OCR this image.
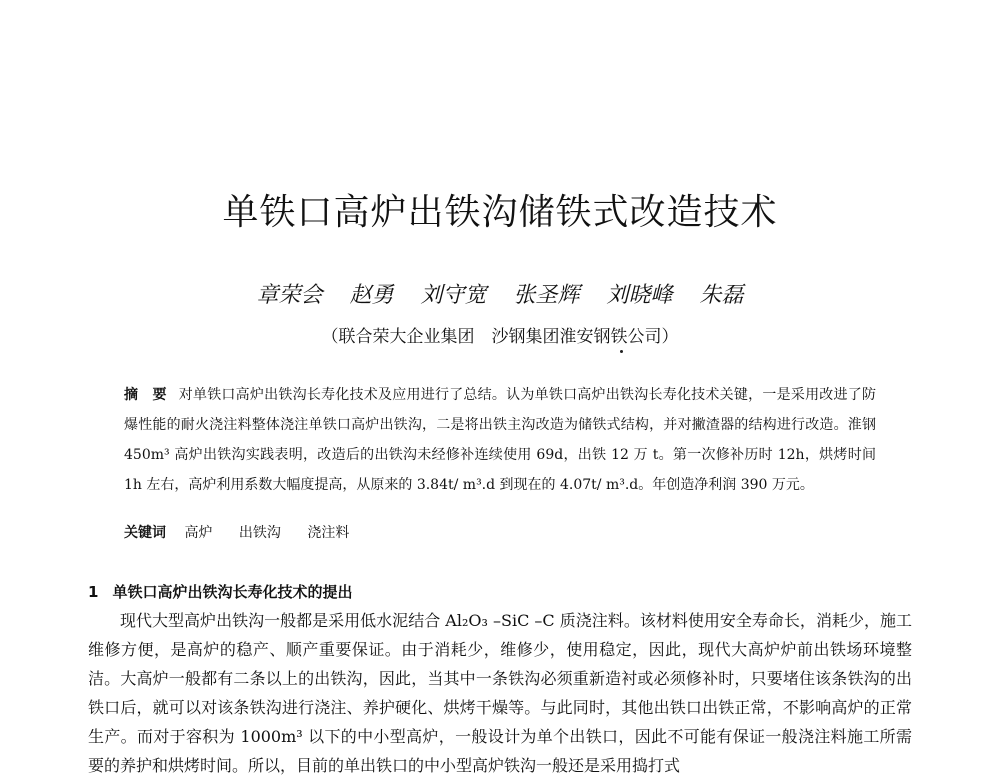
单铁口高炉出铁沟储铁式改造技术

章荣会 赵勇 刘守宽 张圣辉 刘晓峰 朱磊

（联合荣大企业集团　沙钢集团淮安钢铁公司）

摘　要 对单铁口高炉出铁沟长寿化技术及应用进行了总结。认为单铁口高炉出铁沟长寿化技术关键，一是采用改进了防爆性能的耐火浇注料整体浇注单铁口高炉出铁沟，二是将出铁主沟改造为储铁式结构，并对撇渣器的结构进行改造。淮钢 450m³ 高炉出铁沟实践表明，改造后的出铁沟未经修补连续使用 69d，出铁 12 万 t。第一次修补历时 12h，烘烤时间 1h 左右，高炉利用系数大幅度提高，从原来的 3.84t/ m³.d 到现在的 4.07t/ m³.d。年创造净利润 390 万元。

关键词 高炉 出铁沟 浇注料

1 单铁口高炉出铁沟长寿化技术的提出

现代大型高炉出铁沟一般都是采用低水泥结合 Al₂O₃ –SiC –C 质浇注料。该材料使用安全寿命长，消耗少，施工维修方便，是高炉的稳产、顺产重要保证。由于消耗少，维修少，使用稳定，因此，现代大高炉炉前出铁场环境整洁。大高炉一般都有二条以上的出铁沟，因此，当其中一条铁沟必须重新造衬或必须修补时，只要堵住该条铁沟的出铁口后，就可以对该条铁沟进行浇注、养护硬化、烘烤干燥等。与此同时，其他出铁口出铁正常，不影响高炉的正常生产。而对于容积为 1000m³ 以下的中小型高炉，一般设计为单个出铁口，因此不可能有保证一般浇注料施工所需要的养护和烘烤时间。所以，目前的单出铁口的中小型高炉铁沟一般还是采用捣打式
